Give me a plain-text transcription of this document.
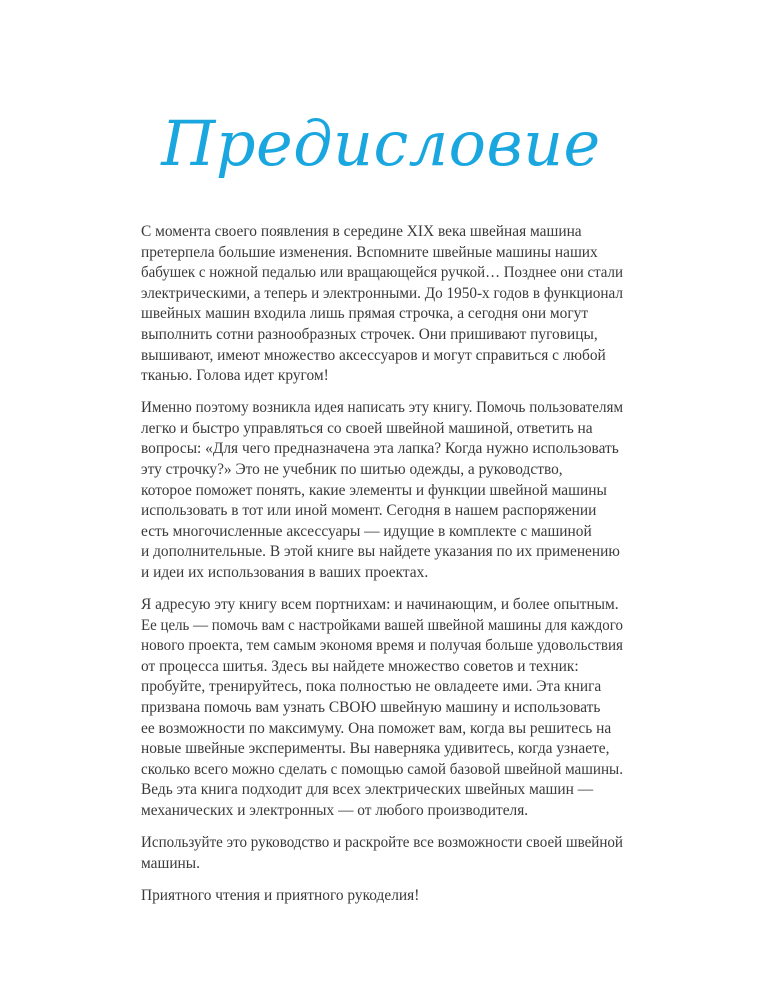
Предисловие

С момента своего появления в середине XIX века швейная машина
претерпела большие изменения. Вспомните швейные машины наших
бабушек с ножной педалью или вращающейся ручкой… Позднее они стали
электрическими, а теперь и электронными. До 1950-х годов в функционал
швейных машин входила лишь прямая строчка, а сегодня они могут
выполнить сотни разнообразных строчек. Они пришивают пуговицы,
вышивают, имеют множество аксессуаров и могут справиться с любой
тканью. Голова идет кругом!

Именно поэтому возникла идея написать эту книгу. Помочь пользователям
легко и быстро управляться со своей швейной машиной, ответить на
вопросы: «Для чего предназначена эта лапка? Когда нужно использовать
эту строчку?» Это не учебник по шитью одежды, а руководство,
которое поможет понять, какие элементы и функции швейной машины
использовать в тот или иной момент. Сегодня в нашем распоряжении
есть многочисленные аксессуары — идущие в комплекте с машиной
и дополнительные. В этой книге вы найдете указания по их применению
и идеи их использования в ваших проектах.

Я адресую эту книгу всем портнихам: и начинающим, и более опытным.
Ее цель — помочь вам с настройками вашей швейной машины для каждого
нового проекта, тем самым экономя время и получая больше удовольствия
от процесса шитья. Здесь вы найдете множество советов и техник:
пробуйте, тренируйтесь, пока полностью не овладеете ими. Эта книга
призвана помочь вам узнать СВОЮ швейную машину и использовать
ее возможности по максимуму. Она поможет вам, когда вы решитесь на
новые швейные эксперименты. Вы наверняка удивитесь, когда узнаете,
сколько всего можно сделать с помощью самой базовой швейной машины.
Ведь эта книга подходит для всех электрических швейных машин —
механических и электронных — от любого производителя.

Используйте это руководство и раскройте все возможности своей швейной
машины.

Приятного чтения и приятного рукоделия!
